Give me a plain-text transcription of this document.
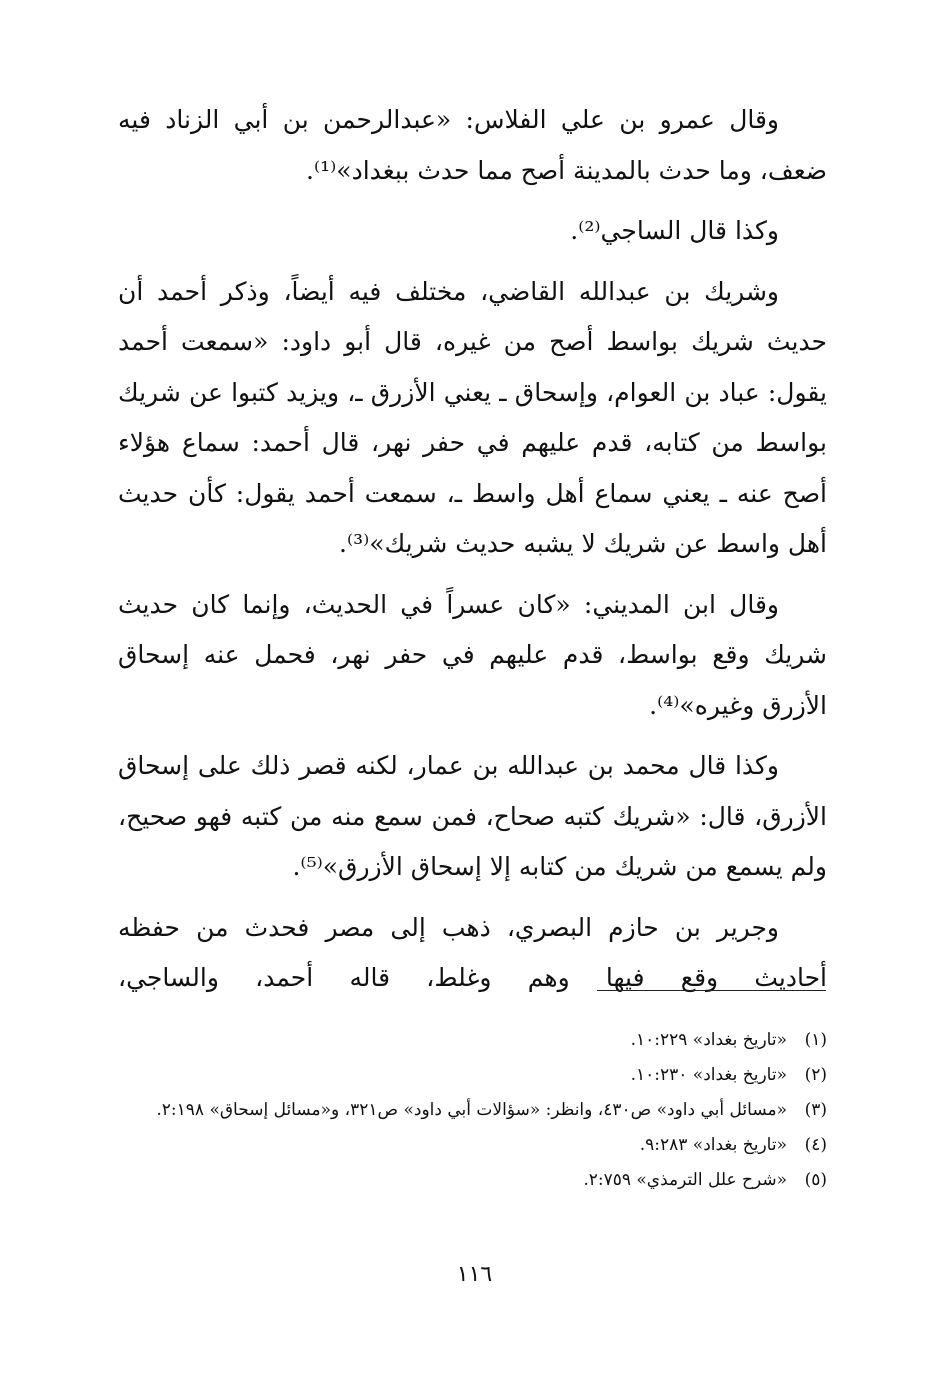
وقال عمرو بن علي الفلاس: «عبدالرحمن بن أبي الزناد فيه ضعف، وما حدث بالمدينة أصح مما حدث ببغداد»⁽¹⁾.

وكذا قال الساجي⁽²⁾.

وشريك بن عبدالله القاضي، مختلف فيه أيضاً، وذكر أحمد أن حديث شريك بواسط أصح من غيره، قال أبو داود: «سمعت أحمد يقول: عباد بن العوام، وإسحاق ـ يعني الأزرق ـ، ويزيد كتبوا عن شريك بواسط من كتابه، قدم عليهم في حفر نهر، قال أحمد: سماع هؤلاء أصح عنه ـ يعني سماع أهل واسط ـ، سمعت أحمد يقول: كأن حديث أهل واسط عن شريك لا يشبه حديث شريك»⁽³⁾.

وقال ابن المديني: «كان عسراً في الحديث، وإنما كان حديث شريك وقع بواسط، قدم عليهم في حفر نهر، فحمل عنه إسحاق الأزرق وغيره»⁽⁴⁾.

وكذا قال محمد بن عبدالله بن عمار، لكنه قصر ذلك على إسحاق الأزرق، قال: «شريك كتبه صحاح، فمن سمع منه من كتبه فهو صحيح، ولم يسمع من شريك من كتابه إلا إسحاق الأزرق»⁽⁵⁾.

وجرير بن حازم البصري، ذهب إلى مصر فحدث من حفظه أحاديث وقع فيها وهم وغلط، قاله أحمد، والساجي،

(١)
«تاريخ بغداد» ١٠:٢٢٩.
(٢)
«تاريخ بغداد» ١٠:٢٣٠.
(٣)
«مسائل أبي داود» ص٤٣٠، وانظر: «سؤالات أبي داود» ص٣٢١، و«مسائل إسحاق» ٢:١٩٨.
(٤)
«تاريخ بغداد» ٩:٢٨٣.
(٥)
«شرح علل الترمذي» ٢:٧٥٩.
١١٦
